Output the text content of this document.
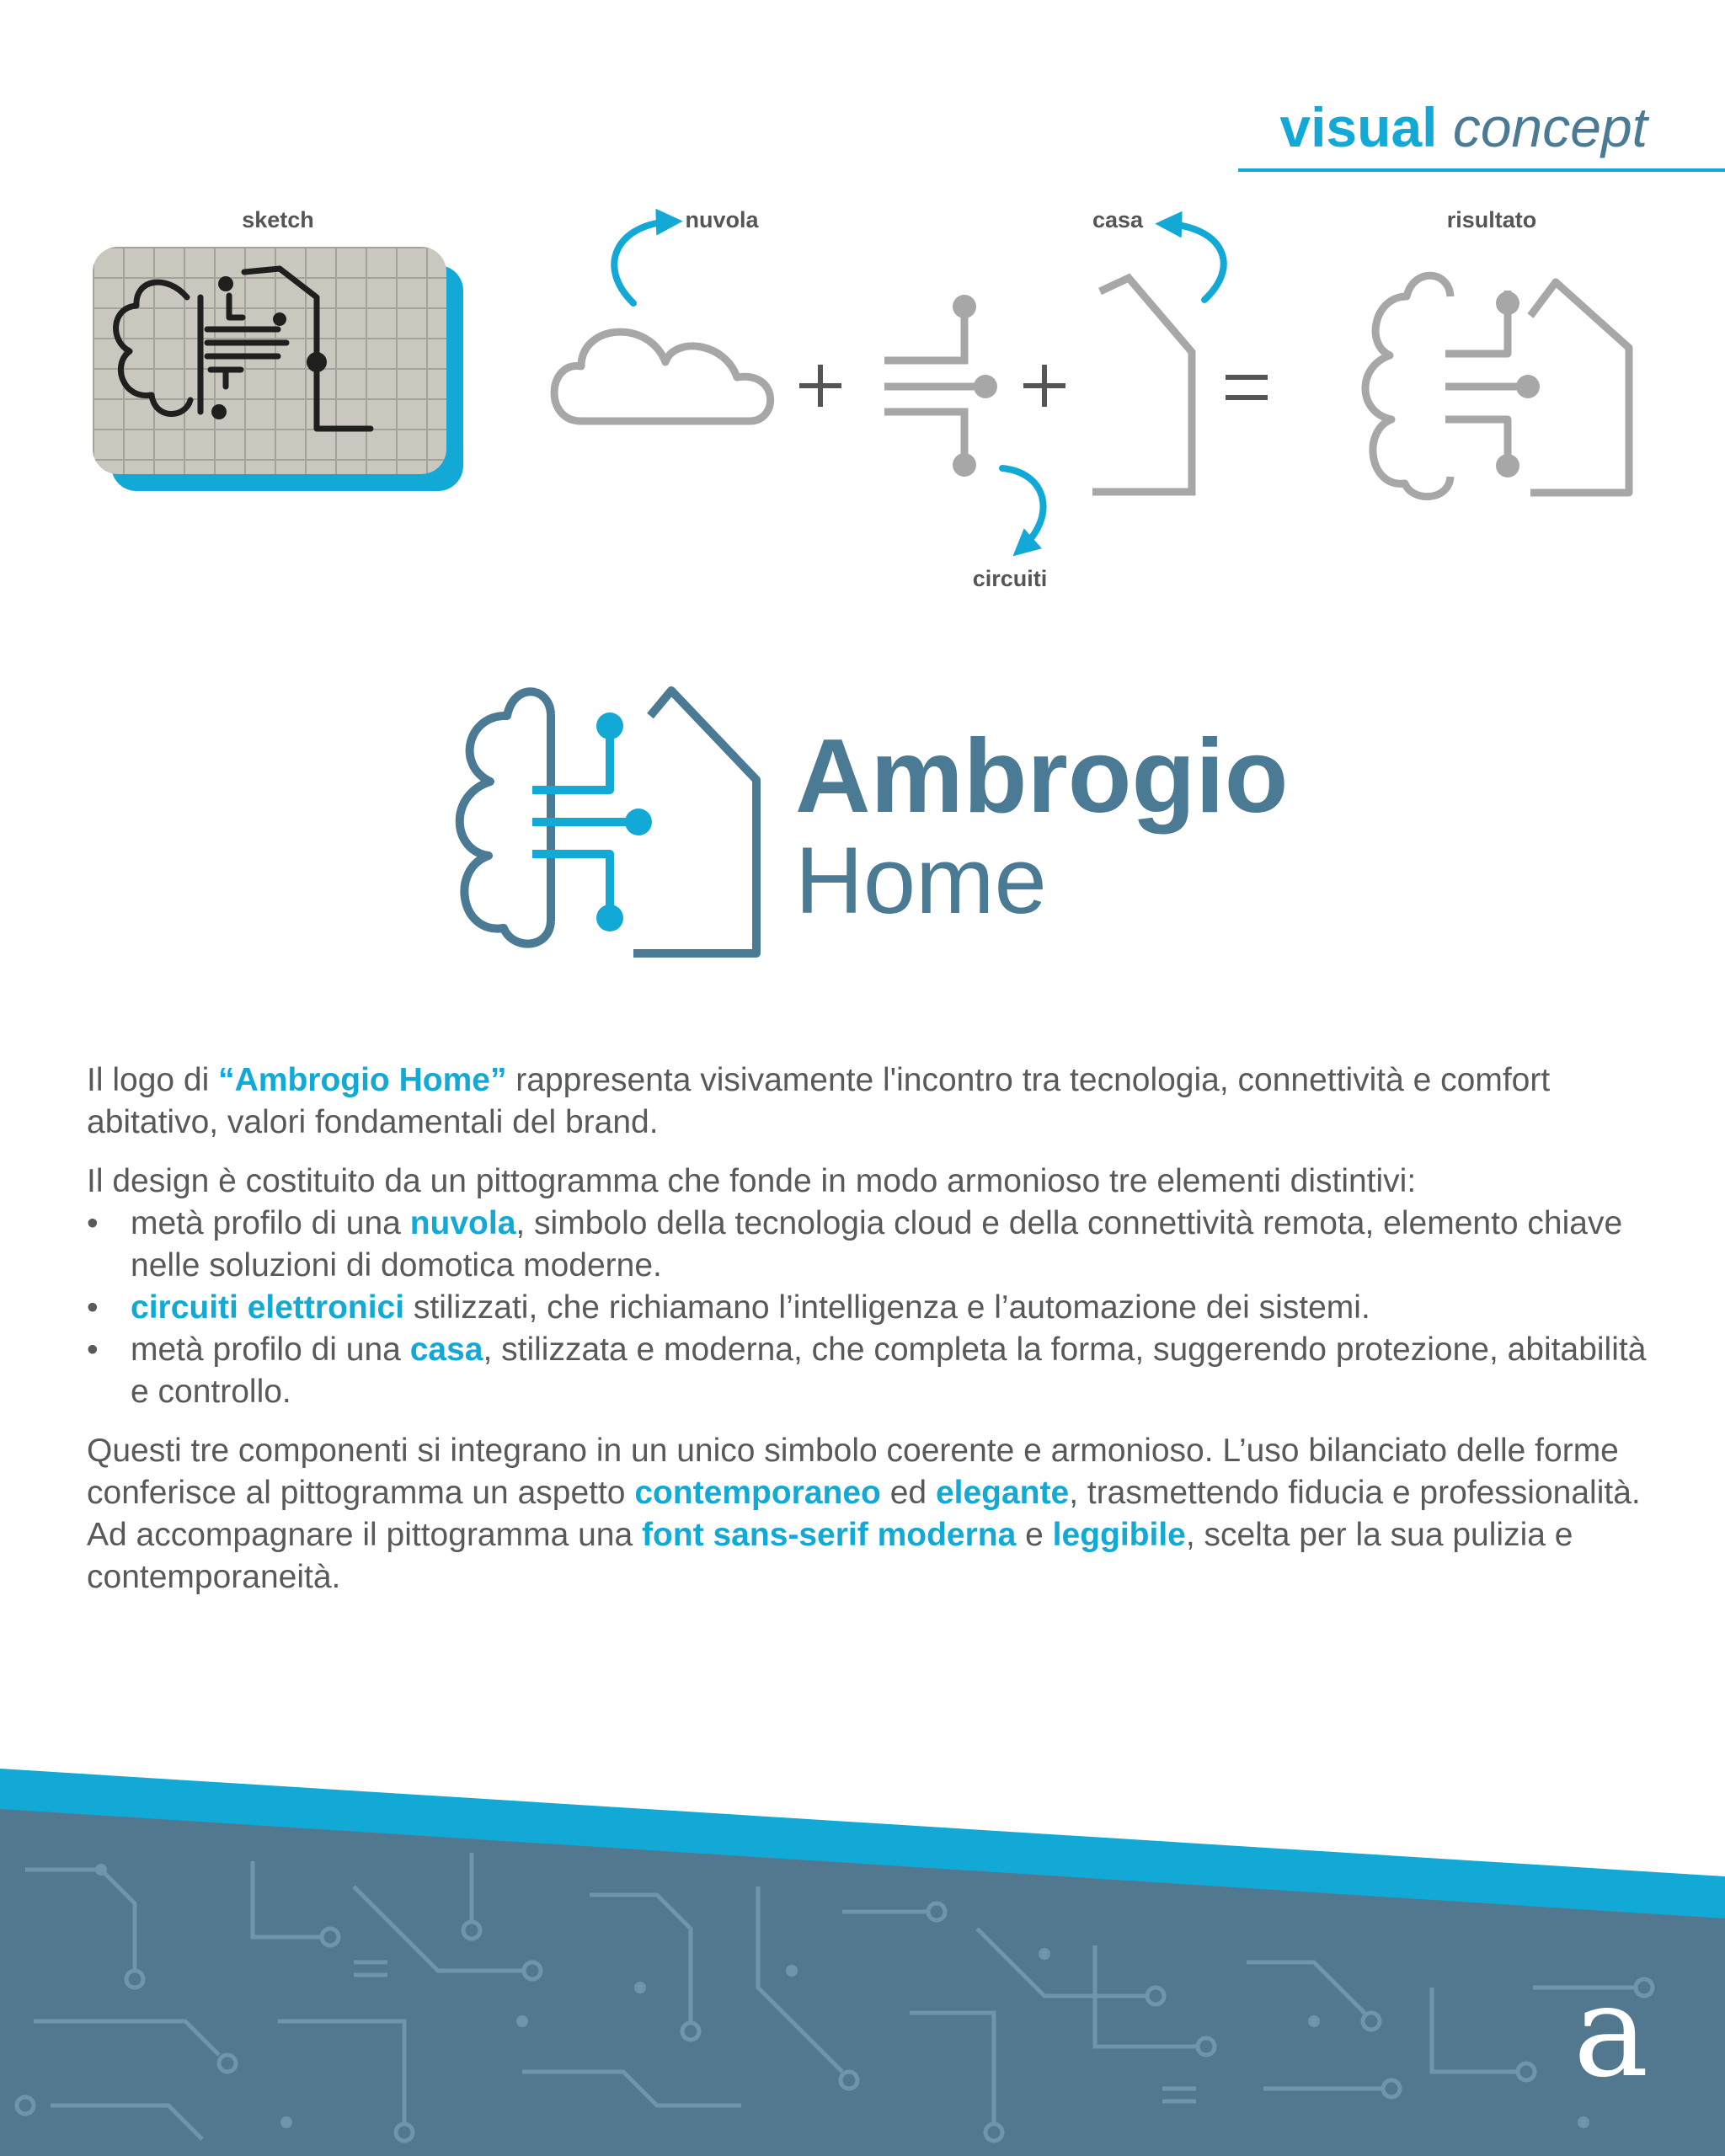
visual concept
sketch	nuvola	casa	risultato
circuiti
Ambrogio
Home

Il logo di “Ambrogio Home” rappresenta visivamente l'incontro tra tecnologia, connettività e comfort abitativo, valori fondamentali del brand.

Il design è costituito da un pittogramma che fonde in modo armonioso tre elementi distintivi:

• metà profilo di una nuvola, simbolo della tecnologia cloud e della connettività remota, elemento chiave nelle soluzioni di domotica moderne.
• circuiti elettronici stilizzati, che richiamano l’intelligenza e l’automazione dei sistemi.
• metà profilo di una casa, stilizzata e moderna, che completa la forma, suggerendo protezione, abitabilità e controllo.

Questi tre componenti si integrano in un unico simbolo coerente e armonioso. L’uso bilanciato delle forme conferisce al pittogramma un aspetto contemporaneo ed elegante, trasmettendo fiducia e professionalità.

Ad accompagnare il pittogramma una font sans-serif moderna e leggibile, scelta per la sua pulizia e contemporaneità.

a
